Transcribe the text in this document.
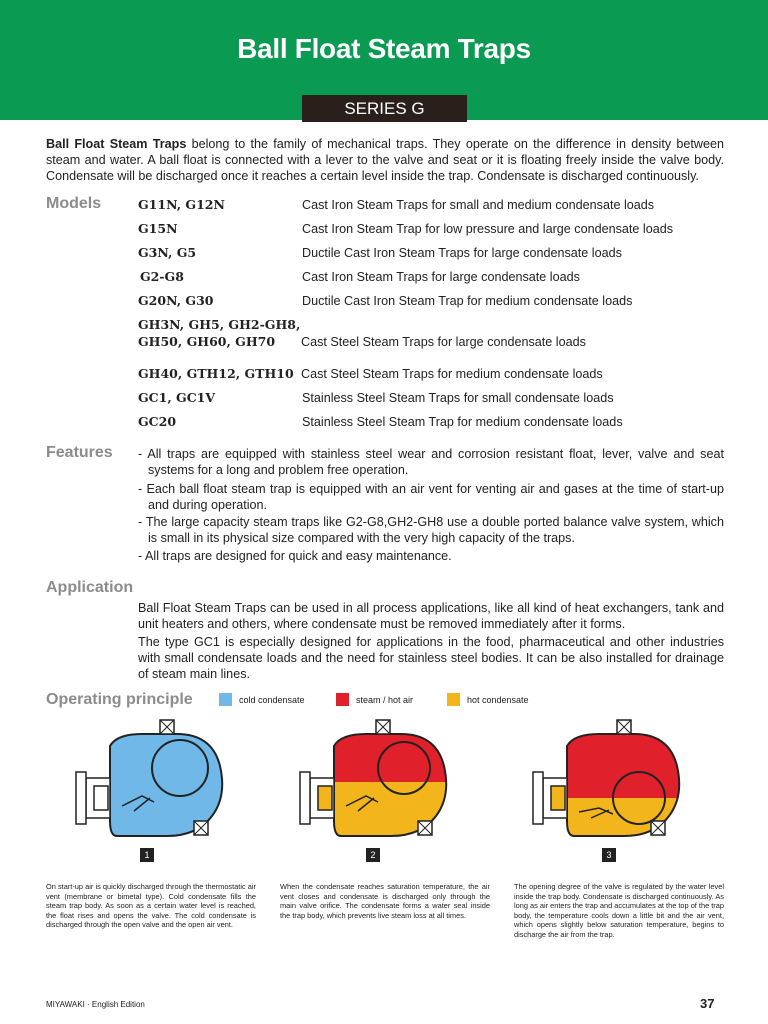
Ball Float Steam Traps
SERIES G

Ball Float Steam Traps belong to the family of mechanical traps. They operate on the difference in density between steam and water. A ball float is connected with a lever to the valve and seat or it is floating freely inside the valve body. Condensate will be discharged once it reaches a certain level inside the trap. Condensate is discharged continuously.

Models	G11N, G12N	Cast Iron Steam Traps for small and medium condensate loads
G15N	Cast Iron Steam Trap for low pressure and large condensate loads
G3N, G5	Ductile Cast Iron Steam Traps for large condensate loads
G2-G8	Cast Iron Steam Traps for large condensate loads
G20N, G30	Ductile Cast Iron Steam Trap for medium condensate loads
GH3N, GH5, GH2-GH8,
GH50, GH60, GH70 Cast Steel Steam Traps for large condensate loads
GH40, GTH12, GTH10 Cast Steel Steam Traps for medium condensate loads
GC1, GC1V	Stainless Steel Steam Traps for small condensate loads
GC20	Stainless Steel Steam Trap for medium condensate loads
Features - All traps are equipped with stainless steel wear and corrosion resistant float, lever, valve and seat systems for a long and problem free operation.

- Each ball float steam trap is equipped with an air vent for venting air and gases at the time of start-up and during operation.

- The large capacity steam traps like G2-G8,GH2-GH8 use a double ported balance valve system, which is small in its physical size compared with the very high capacity of the traps.

- All traps are designed for quick and easy maintenance.

Application

Ball Float Steam Traps can be used in all process applications, like all kind of heat exchangers, tank and unit heaters and others, where condensate must be removed immediately after it forms.

The type GC1 is especially designed for applications in the food, pharmaceutical and other industries with small condensate loads and the need for stainless steel bodies. It can be also installed for drainage of steam main lines.

Operating principle	cold condensate	steam / hot air	hot condensate
1	2	3

On start-up air is quickly discharged through the thermostatic air vent (membrane or bimetal type). Cold condensate fills the steam trap body. As soon as a certain water level is reached, the float rises and opens the valve. The cold condensate is discharged through the open valve and the open air vent.

When the condensate reaches saturation temperature, the air vent closes and condensate is discharged only through the main valve orifice. The condensate forms a water seal inside the trap body, which prevents live steam loss at all times.

The opening degree of the valve is regulated by the water level inside the trap body. Condensate is discharged continuously. As long as air enters the trap and accumulates at the top of the trap body, the temperature cools down a little bit and the air vent, which opens slightly below saturation temperature, begins to discharge the air from the trap.

MIYAWAKI · English Edition	37
